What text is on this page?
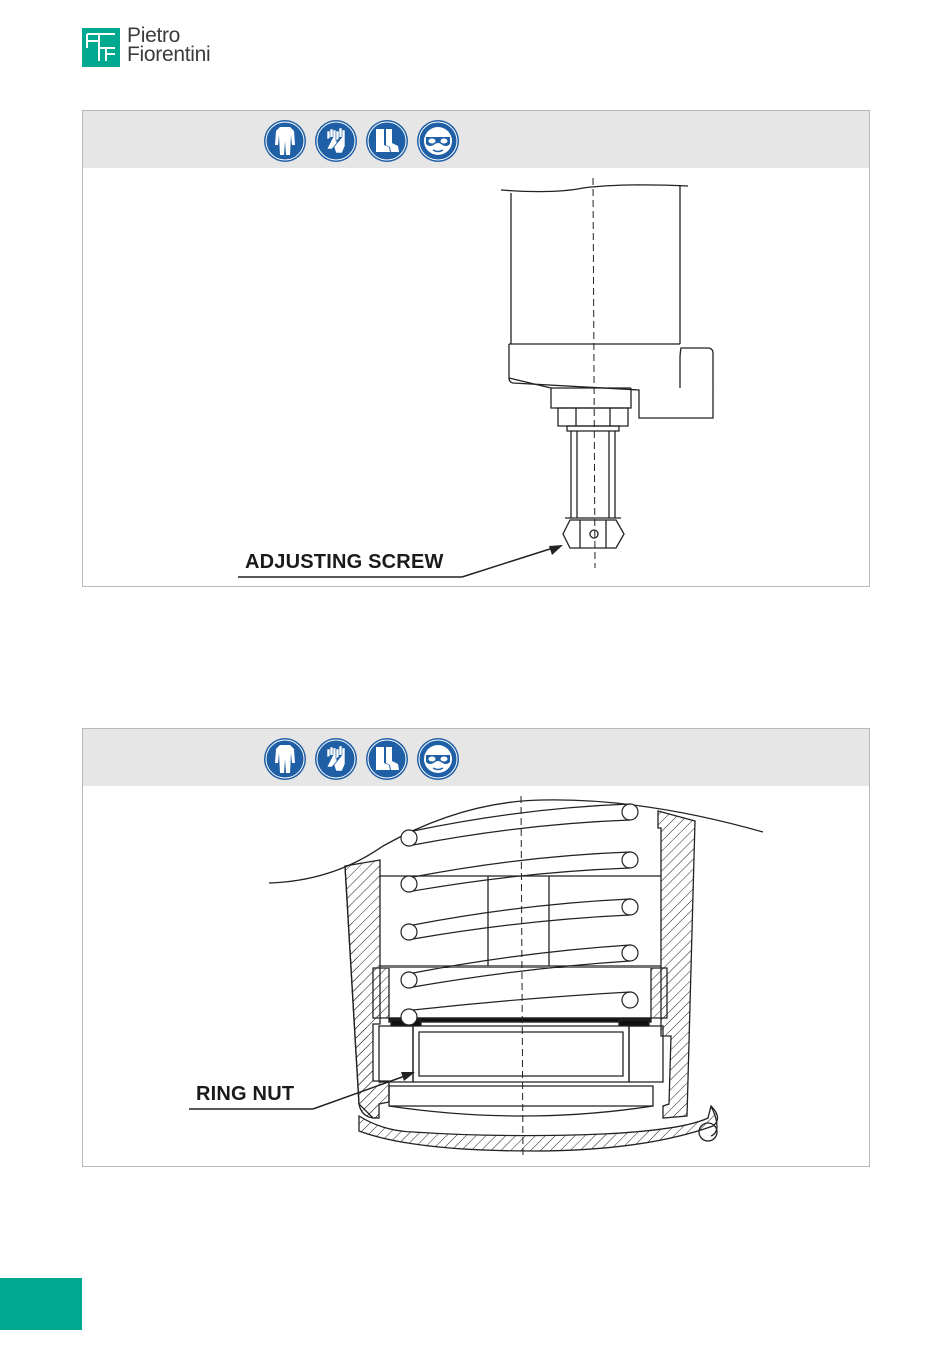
Pietro
Fiorentini
ADJUSTING SCREW
RING NUT
